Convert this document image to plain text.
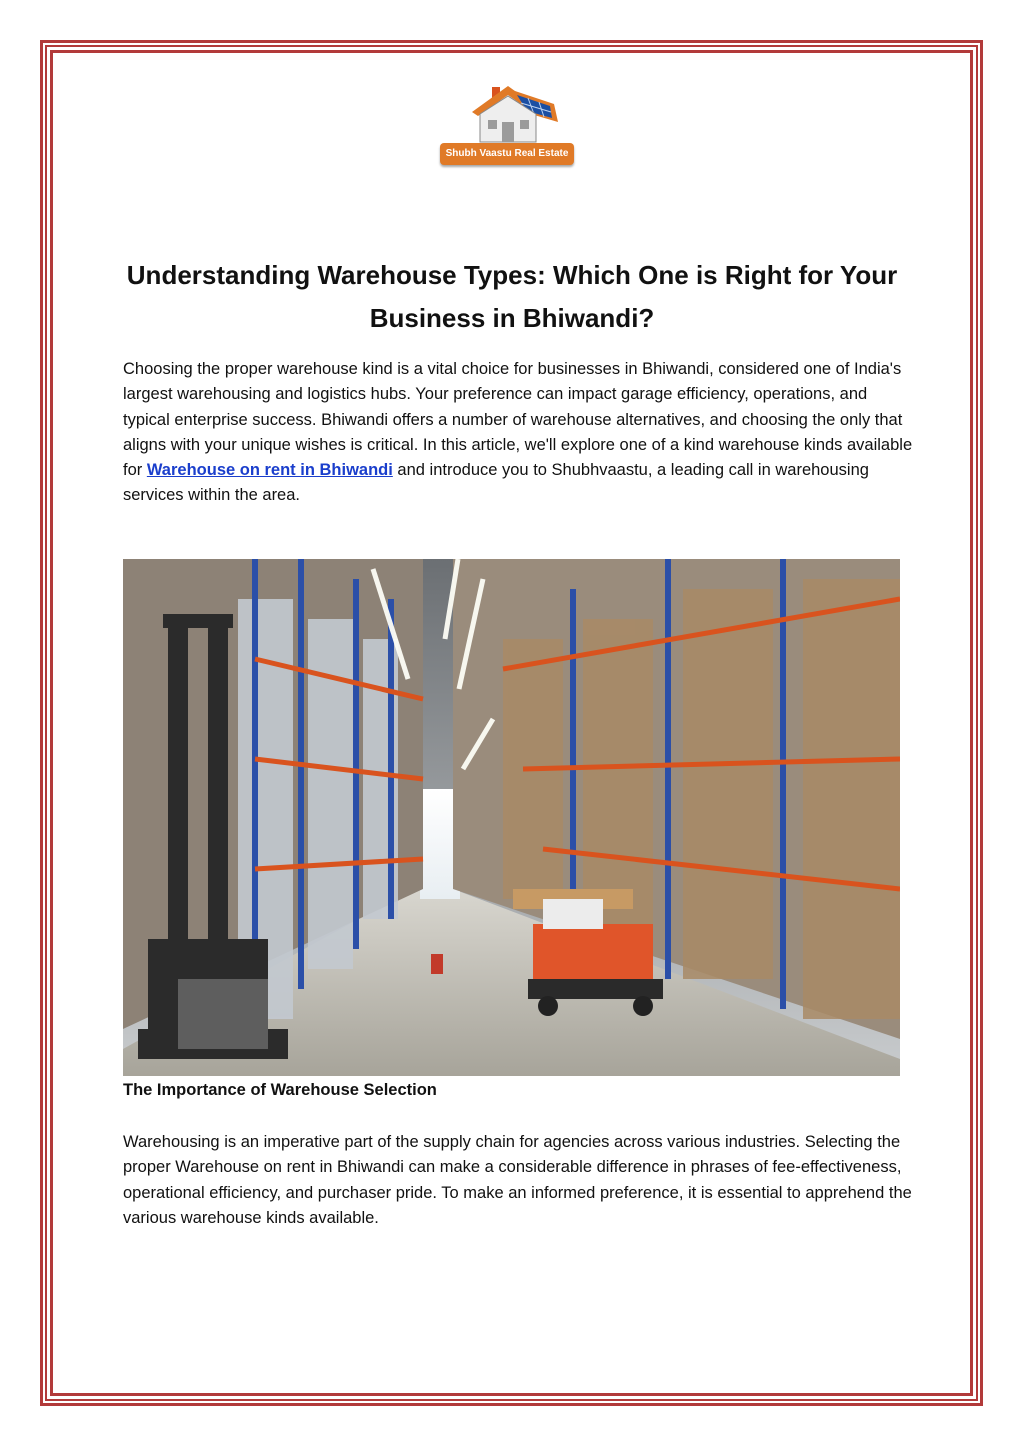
Shubh Vaastu Real Estate
Understanding Warehouse Types: Which One is Right for Your Business in Bhiwandi?

Choosing the proper warehouse kind is a vital choice for businesses in Bhiwandi, considered one of India's largest warehousing and logistics hubs. Your preference can impact garage efficiency, operations, and typical enterprise success. Bhiwandi offers a number of warehouse alternatives, and choosing the only that aligns with your unique wishes is critical. In this article, we'll explore one of a kind warehouse kinds available for Warehouse on rent in Bhiwandi and introduce you to Shubhvaastu, a leading call in warehousing services within the area.

The Importance of Warehouse Selection

Warehousing is an imperative part of the supply chain for agencies across various industries. Selecting the proper Warehouse on rent in Bhiwandi can make a considerable difference in phrases of fee-effectiveness, operational efficiency, and purchaser pride. To make an informed preference, it is essential to apprehend the various warehouse kinds available.
